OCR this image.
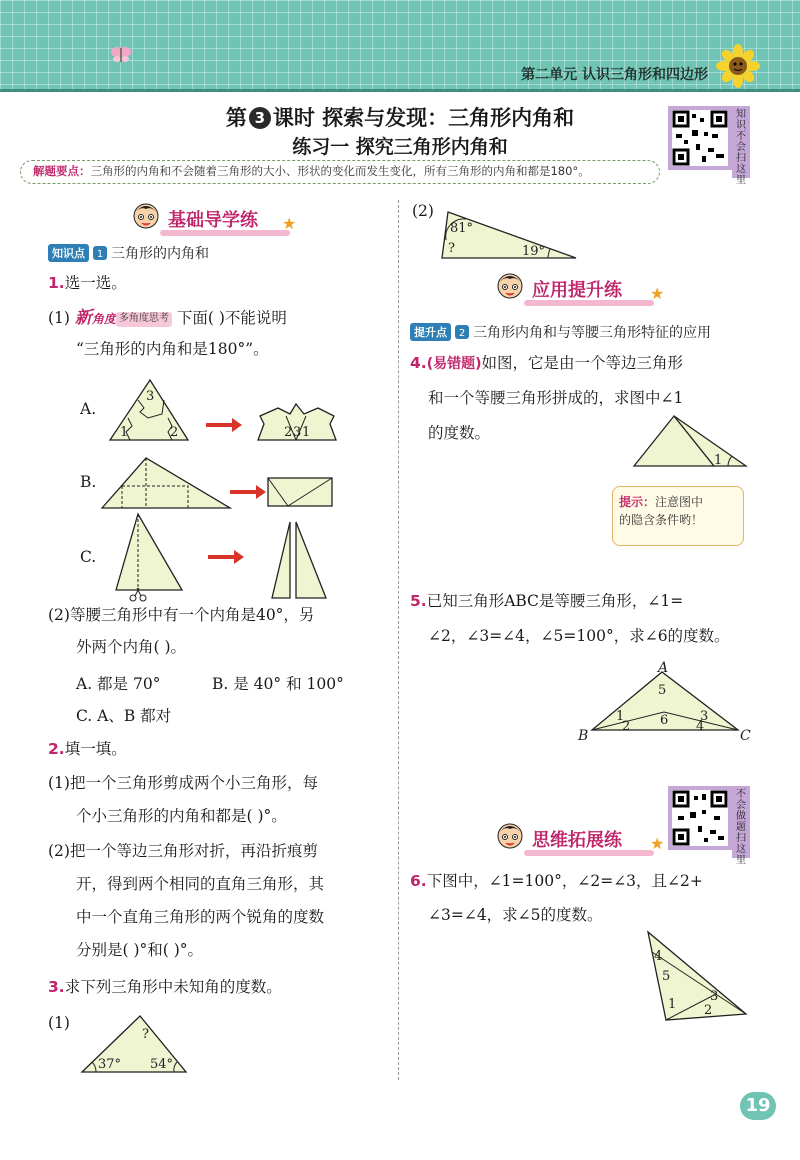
第二单元 认识三角形和四边形
第 3 课时 探索与发现：三角形内角和
练习一 探究三角形内角和
解题要点：三角形的内角和不会随着三角形的大小、形状的变化而发生变化，所有三角形的内角和都是180°。
知识不会扫这里
基础导学练 ★
知识点	1 三角形的内角和
1.选一选。
(1) 新角度 多角度思考 下面( )不能说明
“三角形的内角和是180°”。
A.
3
1	2	2 3 1
B.
C.
(2)等腰三角形中有一个内角是40°，另
外两个内角( )。
A. 都是 70°	B. 是 40° 和 100°
C. A、B 都对
2.填一填。
(1)把一个三角形剪成两个小三角形，每
个小三角形的内角和都是( )°。
(2)把一个等边三角形对折，再沿折痕剪
开，得到两个相同的直角三角形，其
中一个直角三角形的两个锐角的度数
分别是( )°和( )°。
3.求下列三角形中未知角的度数。
(1)
?
37° 54°
(2)
81°
?	19°
应用提升练 ★
提升点	2 三角形内角和与等腰三角形特征的应用
4.(易错题)如图，它是由一个等边三角形
和一个等腰三角形拼成的，求图中∠1
的度数。
1
提示：注意图中
的隐含条件哟！
5.已知三角形ABC是等腰三角形，∠1=
∠2，∠3=∠4，∠5=100°，求∠6的度数。
A
B	C
5
6
1
2
3
4
不会做题扫这里
思维拓展练 ★
6.下图中，∠1=100°，∠2=∠3，且∠2+
∠3=∠4，求∠5的度数。
4
5
1 2
3
19
